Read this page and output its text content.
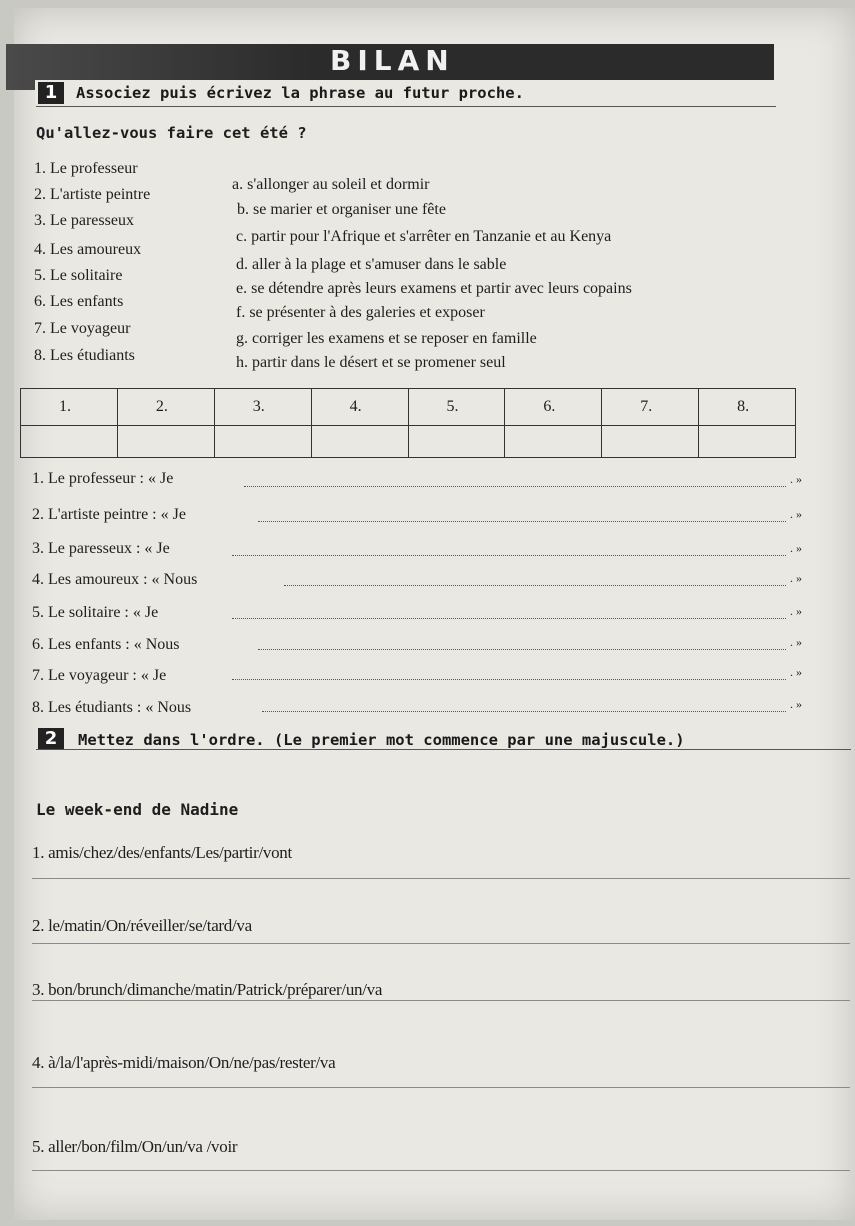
BILAN
1	Associez puis écrivez la phrase au futur proche.
Qu'allez-vous faire cet été ?
1. Le professeur
2. L'artiste peintre
3. Le paresseux
4. Les amoureux
5. Le solitaire
6. Les enfants
7. Le voyageur
8. Les étudiants
a. s'allonger au soleil et dormir
b. se marier et organiser une fête
c. partir pour l'Afrique et s'arrêter en Tanzanie et au Kenya
d. aller à la plage et s'amuser dans le sable
e. se détendre après leurs examens et partir avec leurs copains
f. se présenter à des galeries et exposer
g. corriger les examens et se reposer en famille
h. partir dans le désert et se promener seul
1.	2.	3.	4.	5.	6.	7.	8.

1. Le professeur : « Je	. »
2. L'artiste peintre : « Je	. »
3. Le paresseux : « Je	. »
4. Les amoureux : « Nous	. »
5. Le solitaire : « Je	. »
6. Les enfants : « Nous	. »
7. Le voyageur : « Je	. »
8. Les étudiants : « Nous	. »
2	Mettez dans l'ordre. (Le premier mot commence par une majuscule.)
Le week-end de Nadine
1. amis/chez/des/enfants/Les/partir/vont
2. le/matin/On/réveiller/se/tard/va
3. bon/brunch/dimanche/matin/Patrick/préparer/un/va
4. à/la/l'après-midi/maison/On/ne/pas/rester/va
5. aller/bon/film/On/un/va /voir
